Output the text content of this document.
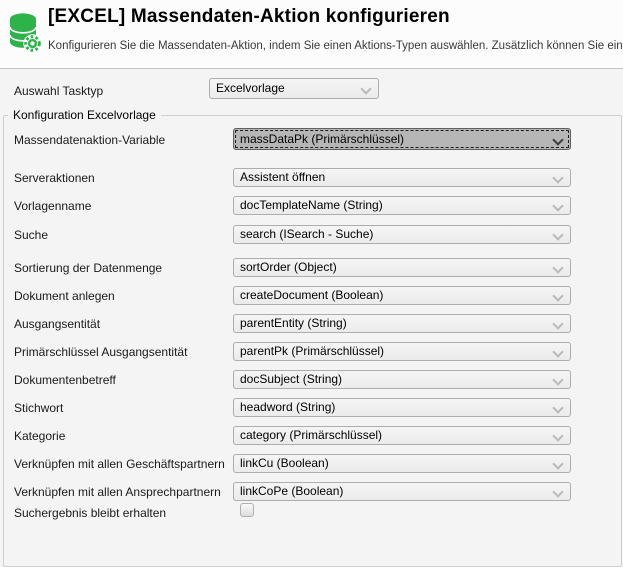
[EXCEL] Massendaten-Aktion konfigurieren
Konfigurieren Sie die Massendaten-Aktion, indem Sie einen Aktions-Typen auswählen. Zusätzlich können Sie ein
Auswahl Tasktyp	Excelvorlage
Konfiguration Excelvorlage
Massendatenaktion-Variable	massDataPk (Primärschlüssel)
Serveraktionen	Assistent öffnen
Vorlagenname	docTemplateName (String)
Suche	search (ISearch - Suche)
Sortierung der Datenmenge	sortOrder (Object)
Dokument anlegen	createDocument (Boolean)
Ausgangsentität	parentEntity (String)
Primärschlüssel Ausgangsentität	parentPk (Primärschlüssel)
Dokumentenbetreff	docSubject (String)
Stichwort	headword (String)
Kategorie	category (Primärschlüssel)
Verknüpfen mit allen Geschäftspartnern linkCu (Boolean)
Verknüpfen mit allen Ansprechpartnern linkCoPe (Boolean)
Suchergebnis bleibt erhalten
